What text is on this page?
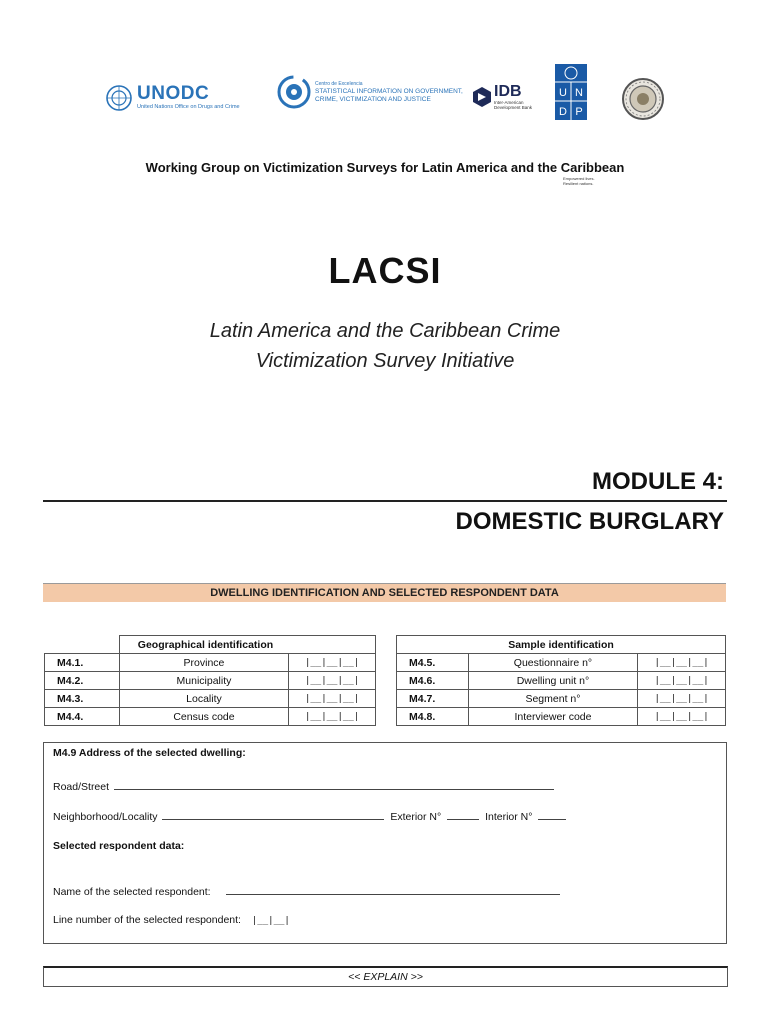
UNODC
United Nations Office on Drugs and Crime
Centro de Excelencia
STATISTICAL INFORMATION ON GOVERNMENT,
CRIME, VICTIMIZATION AND JUSTICE	IDB
Inter-American
Development Bank
U N
D P
Empowered lives.
Resilient nations.
Working Group on Victimization Surveys for Latin America and the Caribbean
LACSI
Latin America and the Caribbean Crime
Victimization Survey Initiative
MODULE 4:
DOMESTIC BURGLARY
DWELLING IDENTIFICATION AND SELECTED RESPONDENT DATA
	Geographical identification	
M4.1.	Province	|__|__|__|
M4.2.	Municipality	|__|__|__|
M4.3.	Locality	|__|__|__|
M4.4.	Census code	|__|__|__|
Sample identification		
M4.5.	Questionnaire n°	|__|__|__|
M4.6.	Dwelling unit n°	|__|__|__|
M4.7.	Segment n°	|__|__|__|
M4.8.	Interviewer code	|__|__|__|
M4.9 Address of the selected dwelling:
Road/Street
Neighborhood/Locality	Exterior N°	Interior N°
Selected respondent data:
Name of the selected respondent:
Line number of the selected respondent: |__|__|
<< EXPLAIN >>
